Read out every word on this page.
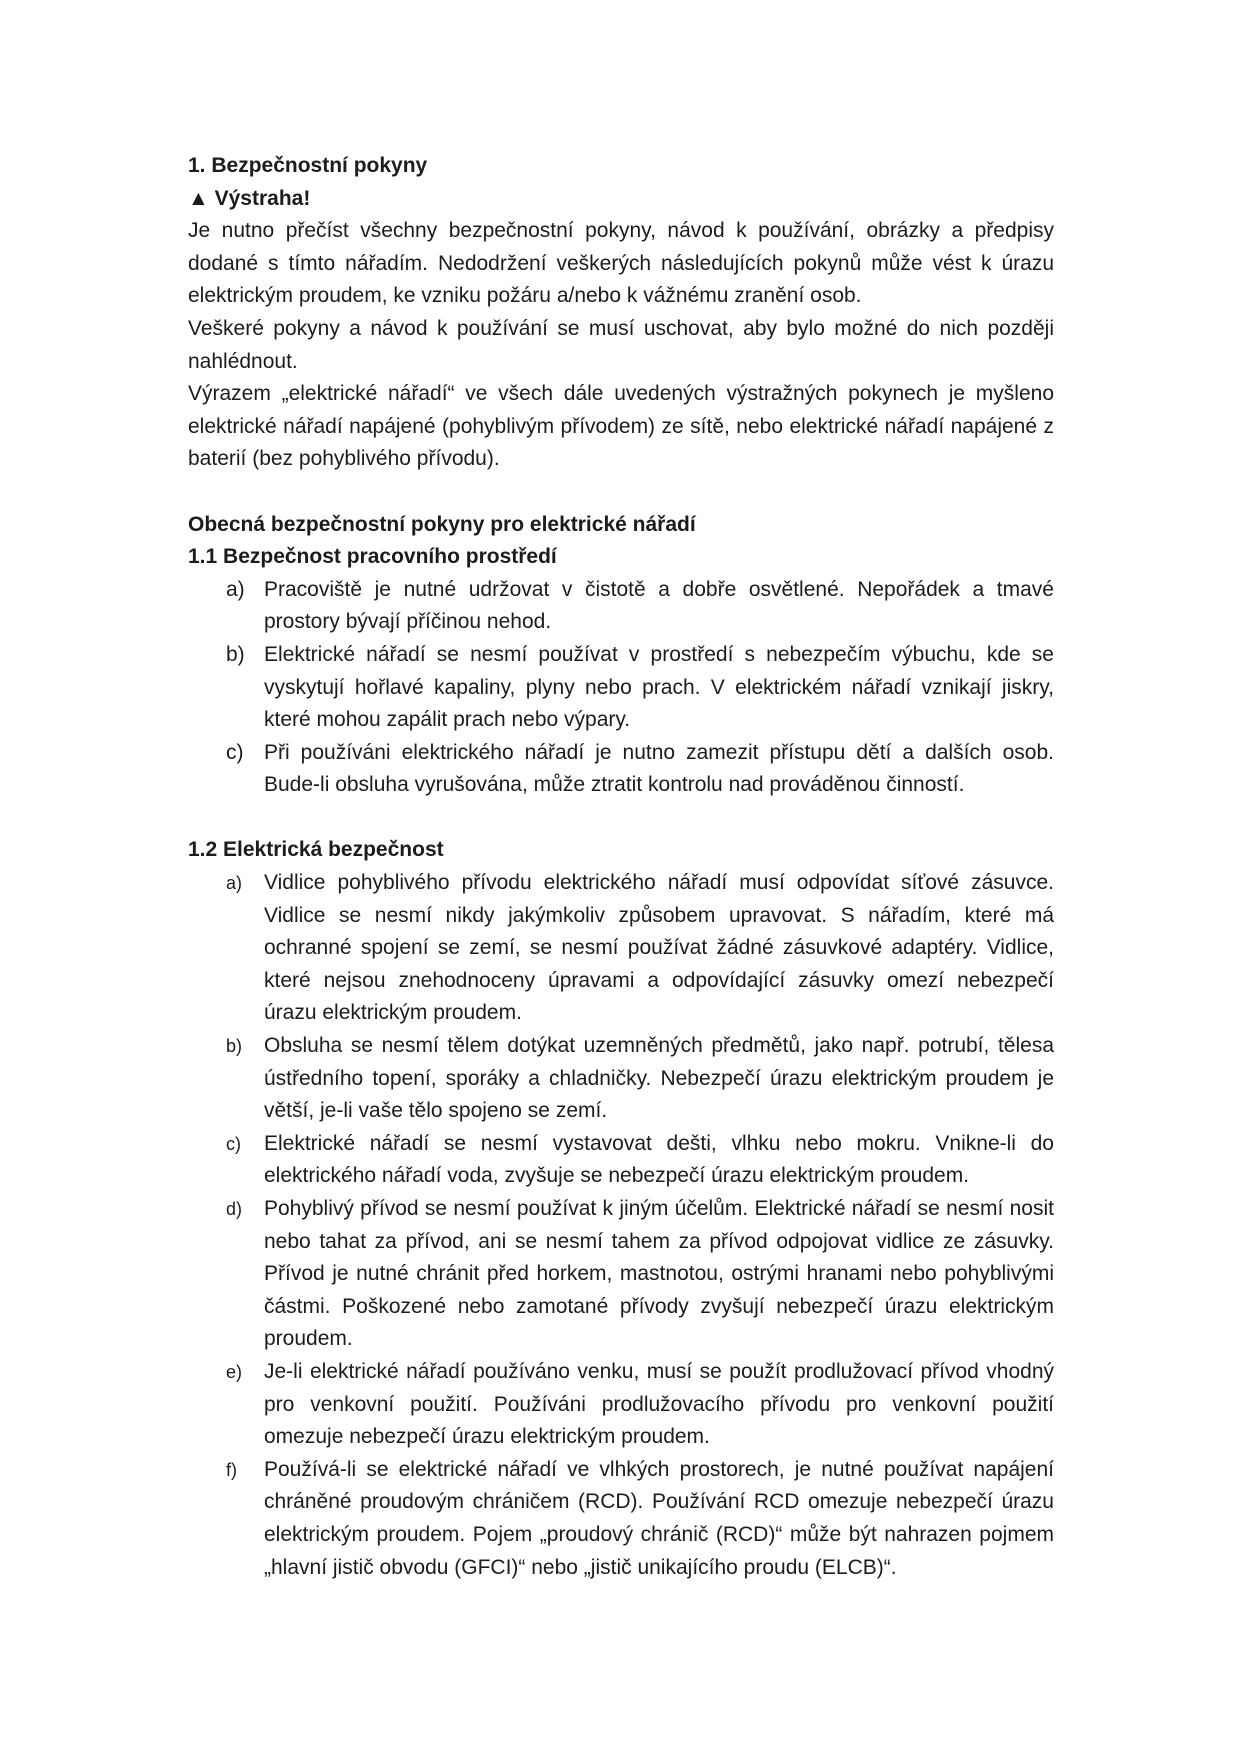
1. Bezpečnostní pokyny

▲ Výstraha!

Je nutno přečíst všechny bezpečnostní pokyny, návod k používání, obrázky a předpisy dodané s tímto nářadím. Nedodržení veškerých následujících pokynů může vést k úrazu elektrickým proudem, ke vzniku požáru a/nebo k vážnému zranění osob.

Veškeré pokyny a návod k používání se musí uschovat, aby bylo možné do nich později nahlédnout.

Výrazem „elektrické nářadí“ ve všech dále uvedených výstražných pokynech je myšleno elektrické nářadí napájené (pohyblivým přívodem) ze sítě, nebo elektrické nářadí napájené z baterií (bez pohyblivého přívodu).

Obecná bezpečnostní pokyny pro elektrické nářadí

1.1 Bezpečnost pracovního prostředí

a) Pracoviště je nutné udržovat v čistotě a dobře osvětlené. Nepořádek a tmavé prostory bývají příčinou nehod.
b) Elektrické nářadí se nesmí používat v prostředí s nebezpečím výbuchu, kde se vyskytují hořlavé kapaliny, plyny nebo prach. V elektrickém nářadí vznikají jiskry, které mohou zapálit prach nebo výpary.
c) Při používáni elektrického nářadí je nutno zamezit přístupu dětí a dalších osob. Bude-li obsluha vyrušována, může ztratit kontrolu nad prováděnou činností.

1.2 Elektrická bezpečnost

a) Vidlice pohyblivého přívodu elektrického nářadí musí odpovídat síťové zásuvce. Vidlice se nesmí nikdy jakýmkoliv způsobem upravovat. S nářadím, které má ochranné spojení se zemí, se nesmí používat žádné zásuvkové adaptéry. Vidlice, které nejsou znehodnoceny úpravami a odpovídající zásuvky omezí nebezpečí úrazu elektrickým proudem.
b) Obsluha se nesmí tělem dotýkat uzemněných předmětů, jako např. potrubí, tělesa ústředního topení, sporáky a chladničky. Nebezpečí úrazu elektrickým proudem je větší, je-li vaše tělo spojeno se zemí.
c) Elektrické nářadí se nesmí vystavovat dešti, vlhku nebo mokru. Vnikne-li do elektrického nářadí voda, zvyšuje se nebezpečí úrazu elektrickým proudem.
d) Pohyblivý přívod se nesmí používat k jiným účelům. Elektrické nářadí se nesmí nosit nebo tahat za přívod, ani se nesmí tahem za přívod odpojovat vidlice ze zásuvky. Přívod je nutné chránit před horkem, mastnotou, ostrými hranami nebo pohyblivými částmi. Poškozené nebo zamotané přívody zvyšují nebezpečí úrazu elektrickým proudem.
e) Je-li elektrické nářadí používáno venku, musí se použít prodlužovací přívod vhodný pro venkovní použití. Používáni prodlužovacího přívodu pro venkovní použití omezuje nebezpečí úrazu elektrickým proudem.
f) Používá-li se elektrické nářadí ve vlhkých prostorech, je nutné používat napájení chráněné proudovým chráničem (RCD). Používání RCD omezuje nebezpečí úrazu elektrickým proudem. Pojem „proudový chránič (RCD)“ může být nahrazen pojmem „hlavní jistič obvodu (GFCI)“ nebo „jistič unikajícího proudu (ELCB)“.
